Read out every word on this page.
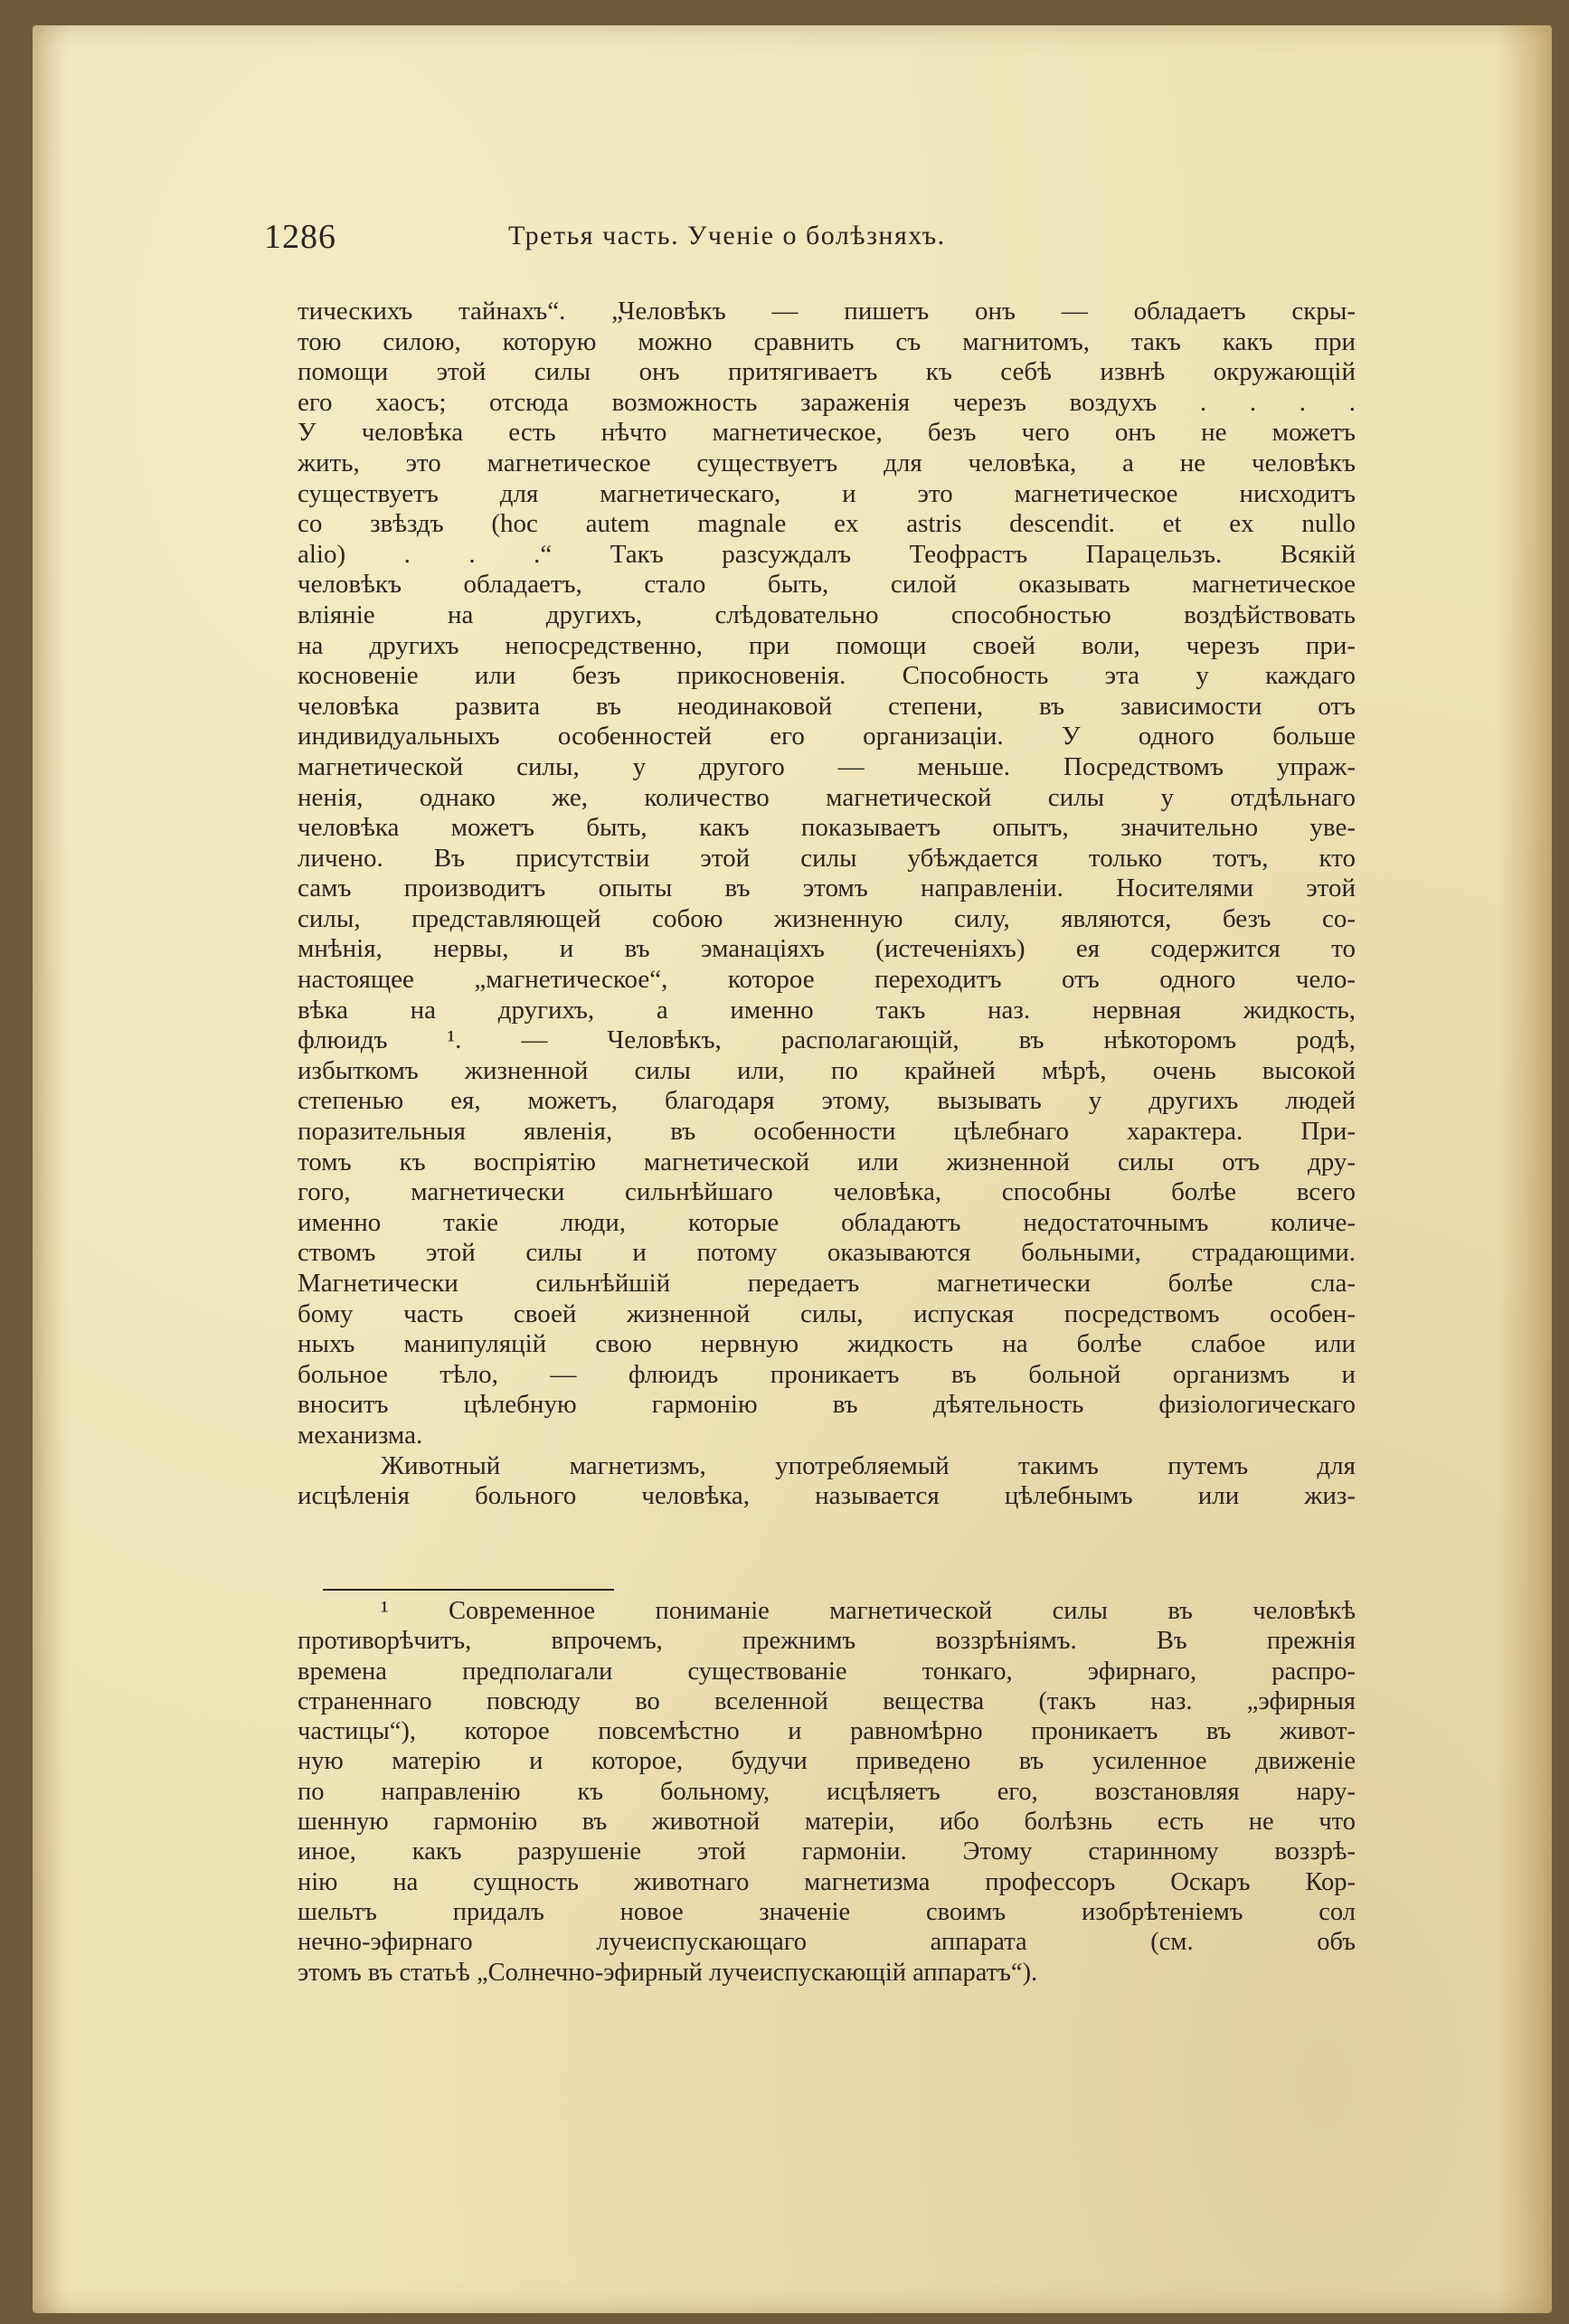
1286	Третья часть. Ученіе о болѣзняхъ.
тическихъ тайнахъ“. „Человѣкъ — пишетъ онъ — обладаетъ скры-
тою силою, которую можно сравнить съ магнитомъ, такъ какъ при
помощи этой силы онъ притягиваетъ къ себѣ извнѣ окружающій
его хаосъ; отсюда возможность зараженія черезъ воздухъ . . . .
У человѣка есть нѣчто магнетическое, безъ чего онъ не можетъ
жить, это магнетическое существуетъ для человѣка, а не человѣкъ
существуетъ для магнетическаго, и это магнетическое нисходитъ
со звѣздъ (hoc autem magnale ex astris descendit. et ex nullo
alio) . . .“ Такъ разсуждалъ Теофрастъ Парацельзъ. Всякій
человѣкъ обладаетъ, стало быть, силой оказывать магнетическое
вліяніе на другихъ, слѣдовательно способностью воздѣйствовать
на другихъ непосредственно, при помощи своей воли, черезъ при-
косновеніе или безъ прикосновенія. Способность эта у каждаго
человѣка развита въ неодинаковой степени, въ зависимости отъ
индивидуальныхъ особенностей его организаціи. У одного больше
магнетической силы, у другого — меньше. Посредствомъ упраж-
ненія, однако же, количество магнетической силы у отдѣльнаго
человѣка можетъ быть, какъ показываетъ опытъ, значительно уве-
личено. Въ присутствіи этой силы убѣждается только тотъ, кто
самъ производитъ опыты въ этомъ направленіи. Носителями этой
силы, представляющей собою жизненную силу, являются, безъ со-
мнѣнія, нервы, и въ эманаціяхъ (истеченіяхъ) ея содержится то
настоящее „магнетическое“, которое переходитъ отъ одного чело-
вѣка на другихъ, а именно такъ наз. нервная жидкость,
флюидъ ¹. — Человѣкъ, располагающій, въ нѣкоторомъ родѣ,
избыткомъ жизненной силы или, по крайней мѣрѣ, очень высокой
степенью ея, можетъ, благодаря этому, вызывать у другихъ людей
поразительныя явленія, въ особенности цѣлебнаго характера. При-
томъ къ воспріятію магнетической или жизненной силы отъ дру-
гого, магнетически сильнѣйшаго человѣка, способны болѣе всего
именно такіе люди, которые обладаютъ недостаточнымъ количе-
ствомъ этой силы и потому оказываются больными, страдающими.
Магнетически сильнѣйшій передаетъ магнетически болѣе сла-
бому часть своей жизненной силы, испуская посредствомъ особен-
ныхъ манипуляцій свою нервную жидкость на болѣе слабое или
больное тѣло, — флюидъ проникаетъ въ больной организмъ и
вноситъ цѣлебную гармонію въ дѣятельность физіологическаго
механизма.
Животный магнетизмъ, употребляемый такимъ путемъ для
исцѣленія больного человѣка, называется цѣлебнымъ или жиз-
¹ Современное пониманіе магнетической силы въ человѣкѣ
противорѣчитъ, впрочемъ, прежнимъ воззрѣніямъ. Въ прежнія
времена предполагали существованіе тонкаго, эфирнаго, распро-
страненнаго повсюду во вселенной вещества (такъ наз. „эфирныя
частицы“), которое повсемѣстно и равномѣрно проникаетъ въ живот-
ную матерію и которое, будучи приведено въ усиленное движеніе
по направленію къ больному, исцѣляетъ его, возстановляя нару-
шенную гармонію въ животной матеріи, ибо болѣзнь есть не что
иное, какъ разрушеніе этой гармоніи. Этому старинному воззрѣ-
нію на сущность животнаго магнетизма профессоръ Оскаръ Кор-
шельтъ придалъ новое значеніе своимъ изобрѣтеніемъ сол
нечно-эфирнаго лучеиспускающаго аппарата (см. объ
этомъ въ статьѣ „Солнечно-эфирный лучеиспускающій аппаратъ“).
